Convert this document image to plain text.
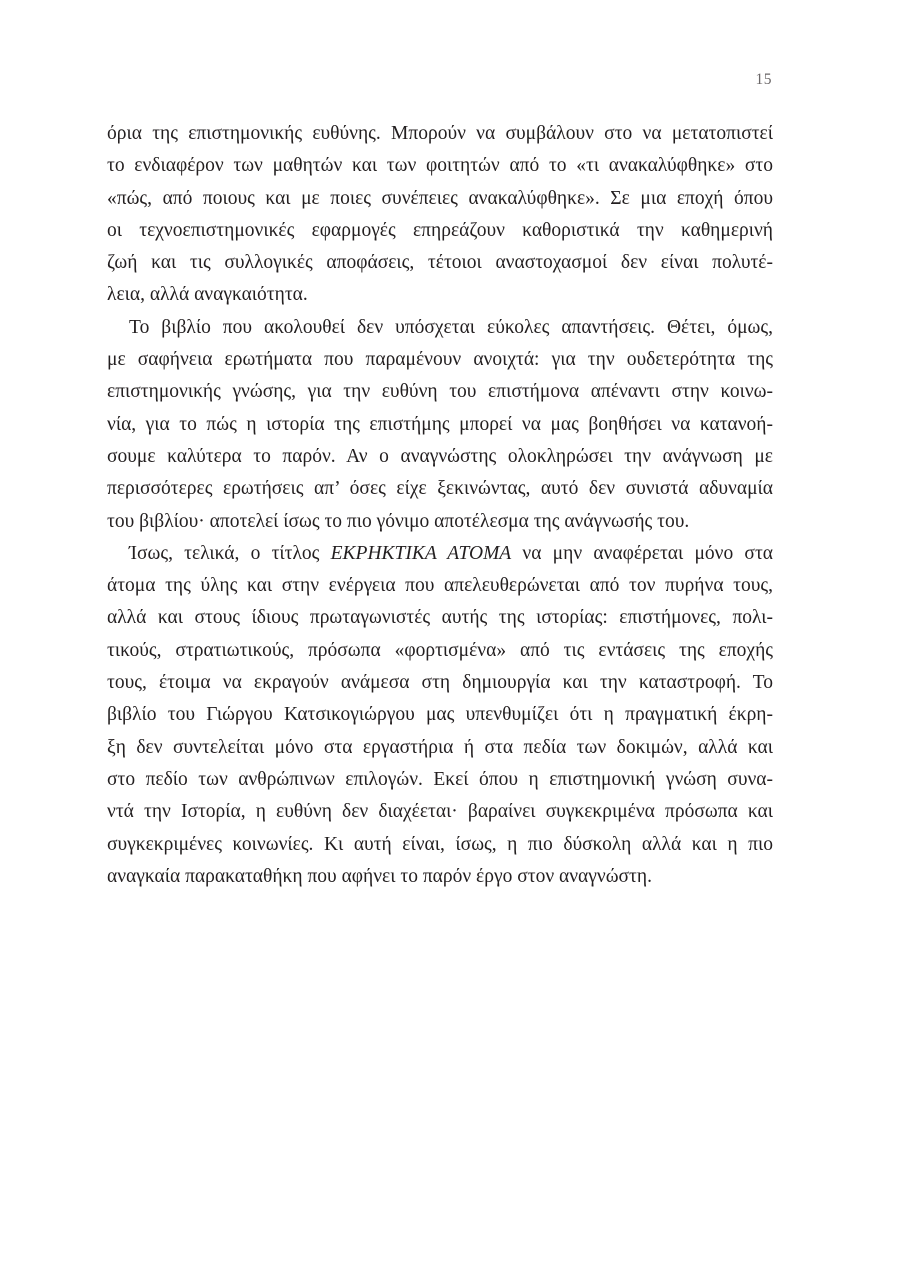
15
όρια της επιστημονικής ευθύνης. Μπορούν να συμβάλουν στο να μετατοπιστεί
το ενδιαφέρον των μαθητών και των φοιτητών από το «τι ανακαλύφθηκε» στο
«πώς, από ποιους και με ποιες συνέπειες ανακαλύφθηκε». Σε μια εποχή όπου
οι τεχνοεπιστημονικές εφαρμογές επηρεάζουν καθοριστικά την καθημερινή
ζωή και τις συλλογικές αποφάσεις, τέτοιοι αναστοχασμοί δεν είναι πολυτέ-
λεια, αλλά αναγκαιότητα.
Το βιβλίο που ακολουθεί δεν υπόσχεται εύκολες απαντήσεις. Θέτει, όμως,
με σαφήνεια ερωτήματα που παραμένουν ανοιχτά: για την ουδετερότητα της
επιστημονικής γνώσης, για την ευθύνη του επιστήμονα απέναντι στην κοινω-
νία, για το πώς η ιστορία της επιστήμης μπορεί να μας βοηθήσει να κατανοή-
σουμε καλύτερα το παρόν. Αν ο αναγνώστης ολοκληρώσει την ανάγνωση με
περισσότερες ερωτήσεις απ’ όσες είχε ξεκινώντας, αυτό δεν συνιστά αδυναμία
του βιβλίου· αποτελεί ίσως το πιο γόνιμο αποτέλεσμα της ανάγνωσής του.
Ίσως, τελικά, ο τίτλος ΕΚΡΗΚΤΙΚΑ ΑΤΟΜΑ να μην αναφέρεται μόνο στα
άτομα της ύλης και στην ενέργεια που απελευθερώνεται από τον πυρήνα τους,
αλλά και στους ίδιους πρωταγωνιστές αυτής της ιστορίας: επιστήμονες, πολι-
τικούς, στρατιωτικούς, πρόσωπα «φορτισμένα» από τις εντάσεις της εποχής
τους, έτοιμα να εκραγούν ανάμεσα στη δημιουργία και την καταστροφή. Το
βιβλίο του Γιώργου Κατσικογιώργου μας υπενθυμίζει ότι η πραγματική έκρη-
ξη δεν συντελείται μόνο στα εργαστήρια ή στα πεδία των δοκιμών, αλλά και
στο πεδίο των ανθρώπινων επιλογών. Εκεί όπου η επιστημονική γνώση συνα-
ντά την Ιστορία, η ευθύνη δεν διαχέεται· βαραίνει συγκεκριμένα πρόσωπα και
συγκεκριμένες κοινωνίες. Κι αυτή είναι, ίσως, η πιο δύσκολη αλλά και η πιο
αναγκαία παρακαταθήκη που αφήνει το παρόν έργο στον αναγνώστη.
